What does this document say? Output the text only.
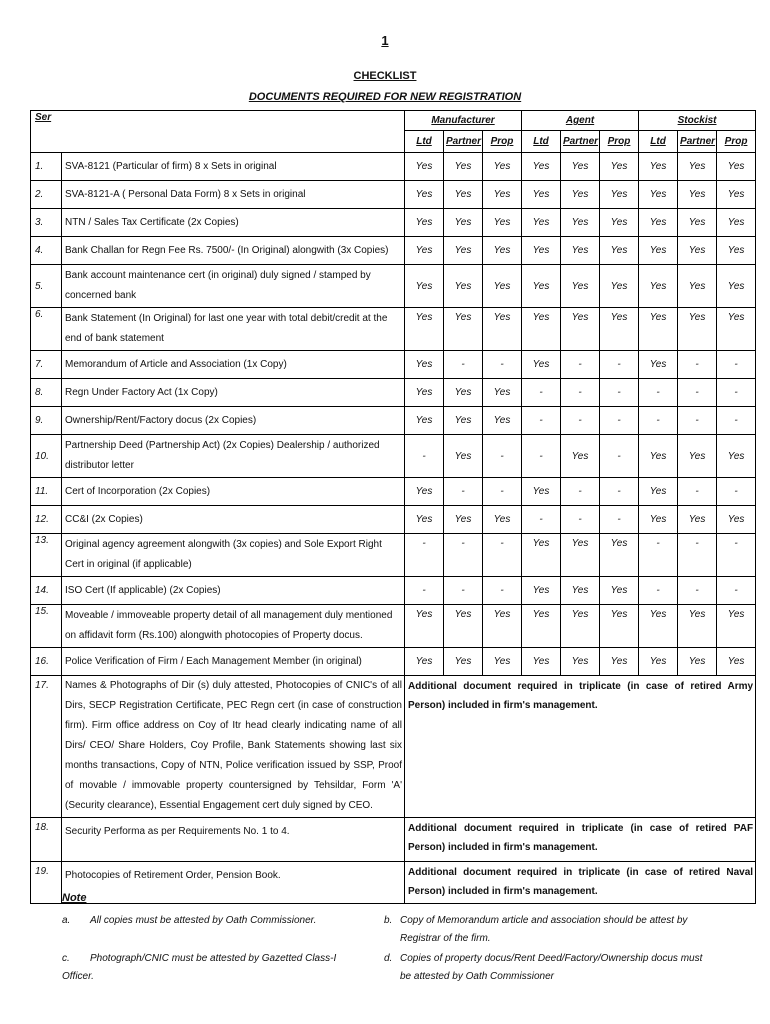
1
CHECKLIST
DOCUMENTS REQUIRED FOR NEW REGISTRATION
Ser		Manufacturer			Agent			Stockist		
		Ltd	Partner	Prop	Ltd	Partner	Prop	Ltd	Partner	Prop
1.	SVA-8121 (Particular of firm) 8 x Sets in original	Yes	Yes	Yes	Yes	Yes	Yes	Yes	Yes	Yes
2.	SVA-8121-A ( Personal Data Form) 8 x Sets in original	Yes	Yes	Yes	Yes	Yes	Yes	Yes	Yes	Yes
3.	NTN / Sales Tax Certificate (2x Copies)	Yes	Yes	Yes	Yes	Yes	Yes	Yes	Yes	Yes
4.	Bank Challan for Regn Fee Rs. 7500/- (In Original) alongwith (3x Copies)	Yes	Yes	Yes	Yes	Yes	Yes	Yes	Yes	Yes
5.	Bank account maintenance cert (in original) duly signed / stamped by concerned bank	Yes	Yes	Yes	Yes	Yes	Yes	Yes	Yes	Yes
6.	Bank Statement (In Original) for last one year with total debit/credit at the end of bank statement	Yes	Yes	Yes	Yes	Yes	Yes	Yes	Yes	Yes
7.	Memorandum of Article and Association (1x Copy)	Yes	-	-	Yes	-	-	Yes	-	-
8.	Regn Under Factory Act (1x Copy)	Yes	Yes	Yes	-	-	-	-	-	-
9.	Ownership/Rent/Factory docus (2x Copies)	Yes	Yes	Yes	-	-	-	-	-	-
10.	Partnership Deed (Partnership Act) (2x Copies) Dealership / authorized distributor letter	-	Yes	-	-	Yes	-	Yes	Yes	Yes
11.	Cert of Incorporation (2x Copies)	Yes	-	-	Yes	-	-	Yes	-	-
12.	CC&I (2x Copies)	Yes	Yes	Yes	-	-	-	Yes	Yes	Yes
13.	Original agency agreement alongwith (3x copies) and Sole Export Right Cert in original (if applicable)	-	-	-	Yes	Yes	Yes	-	-	-
14.	ISO Cert (If applicable) (2x Copies)	-	-	-	Yes	Yes	Yes	-	-	-
15.	Moveable / immoveable property detail of all management duly mentioned on affidavit form (Rs.100) alongwith photocopies of Property docus.	Yes	Yes	Yes	Yes	Yes	Yes	Yes	Yes	Yes
16.	Police Verification of Firm / Each Management Member (in original)	Yes	Yes	Yes	Yes	Yes	Yes	Yes	Yes	Yes
17.	Names & Photographs of Dir (s) duly attested, Photocopies of CNIC's of all Dirs, SECP Registration Certificate, PEC Regn cert (in case of construction firm). Firm office address on Coy of Itr head clearly indicating name of all Dirs/ CEO/ Share Holders, Coy Profile, Bank Statements showing last six months transactions, Copy of NTN, Police verification issued by SSP, Proof of movable / immovable property countersigned by Tehsildar, Form 'A' (Security clearance), Essential Engagement cert duly signed by CEO.	Additional document required in triplicate (in case of retired Army Person) included in firm's management.								
18.	Security Performa as per Requirements No. 1 to 4.	Additional document required in triplicate (in case of retired PAF Person) included in firm's management.								
19.	Photocopies of Retirement Order, Pension Book.	Additional document required in triplicate (in case of retired Naval Person) included in firm's management.								
Note
a. All copies must be attested by Oath Commissioner.	b. Copy of Memorandum article and association should be attest by Registrar of the firm.
c. Photograph/CNIC must be attested by Gazetted Class-I Officer.
d. Copies of property docus/Rent Deed/Factory/Ownership docus must be attested by Oath Commissioner
